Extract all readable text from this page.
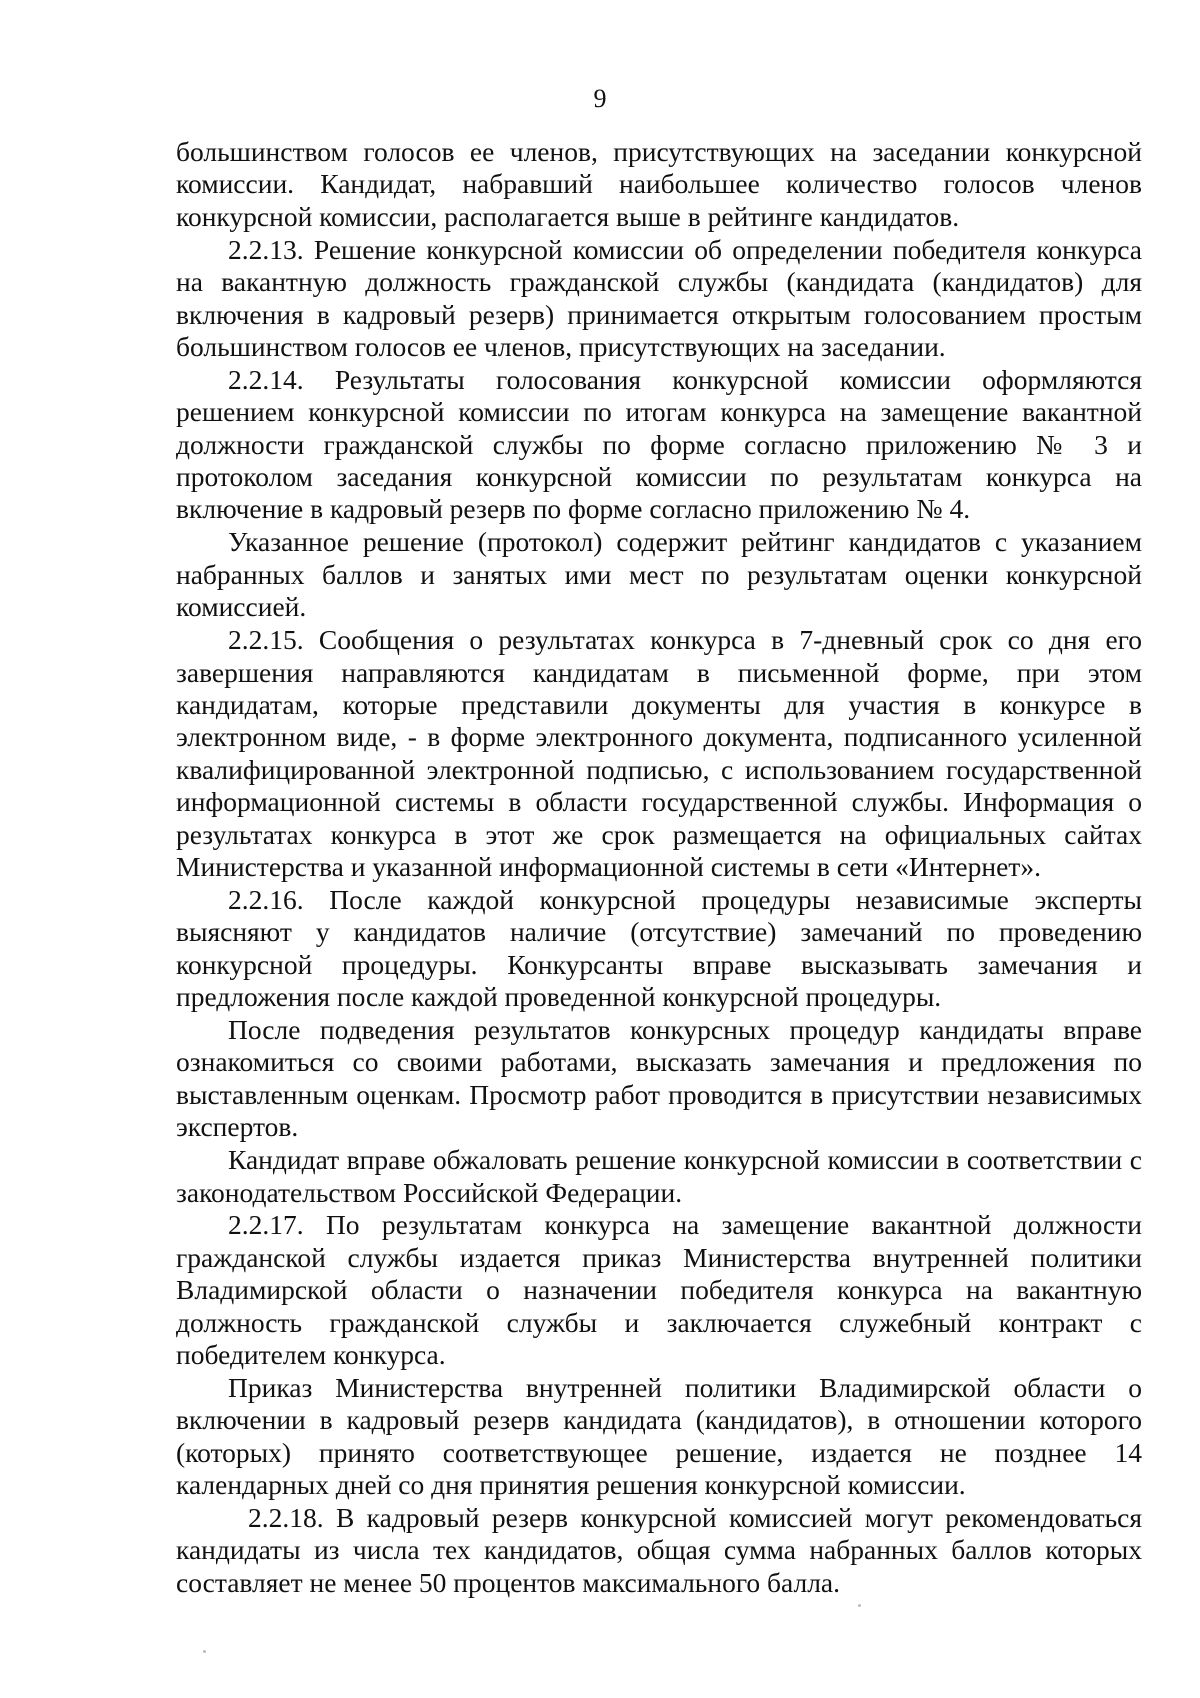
9

большинством голосов ее членов, присутствующих на заседании конкурсной комиссии. Кандидат, набравший наибольшее количество голосов членов конкурсной комиссии, располагается выше в рейтинге кандидатов.

2.2.13. Решение конкурсной комиссии об определении победителя конкурса на вакантную должность гражданской службы (кандидата (кандидатов) для включения в кадровый резерв) принимается открытым голосованием простым большинством голосов ее членов, присутствующих на заседании.

2.2.14. Результаты голосования конкурсной комиссии оформляются решением конкурсной комиссии по итогам конкурса на замещение вакантной должности гражданской службы по форме согласно приложению № 3 и протоколом заседания конкурсной комиссии по результатам конкурса на включение в кадровый резерв по форме согласно приложению № 4.

Указанное решение (протокол) содержит рейтинг кандидатов с указанием набранных баллов и занятых ими мест по результатам оценки конкурсной комиссией.

2.2.15. Сообщения о результатах конкурса в 7-дневный срок со дня его завершения направляются кандидатам в письменной форме, при этом кандидатам, которые представили документы для участия в конкурсе в электронном виде, - в форме электронного документа, подписанного усиленной квалифицированной электронной подписью, с использованием государственной информационной системы в области государственной службы. Информация о результатах конкурса в этот же срок размещается на официальных сайтах Министерства и указанной информационной системы в сети «Интернет».

2.2.16. После каждой конкурсной процедуры независимые эксперты выясняют у кандидатов наличие (отсутствие) замечаний по проведению конкурсной процедуры. Конкурсанты вправе высказывать замечания и предложения после каждой проведенной конкурсной процедуры.

После подведения результатов конкурсных процедур кандидаты вправе ознакомиться со своими работами, высказать замечания и предложения по выставленным оценкам. Просмотр работ проводится в присутствии независимых экспертов.

Кандидат вправе обжаловать решение конкурсной комиссии в соответствии с законодательством Российской Федерации.

2.2.17. По результатам конкурса на замещение вакантной должности гражданской службы издается приказ Министерства внутренней политики Владимирской области о назначении победителя конкурса на вакантную должность гражданской службы и заключается служебный контракт с победителем конкурса.

Приказ Министерства внутренней политики Владимирской области о включении в кадровый резерв кандидата (кандидатов), в отношении которого (которых) принято соответствующее решение, издается не позднее 14 календарных дней со дня принятия решения конкурсной комиссии.

2.2.18. В кадровый резерв конкурсной комиссией могут рекомендоваться кандидаты из числа тех кандидатов, общая сумма набранных баллов которых составляет не менее 50 процентов максимального балла.
